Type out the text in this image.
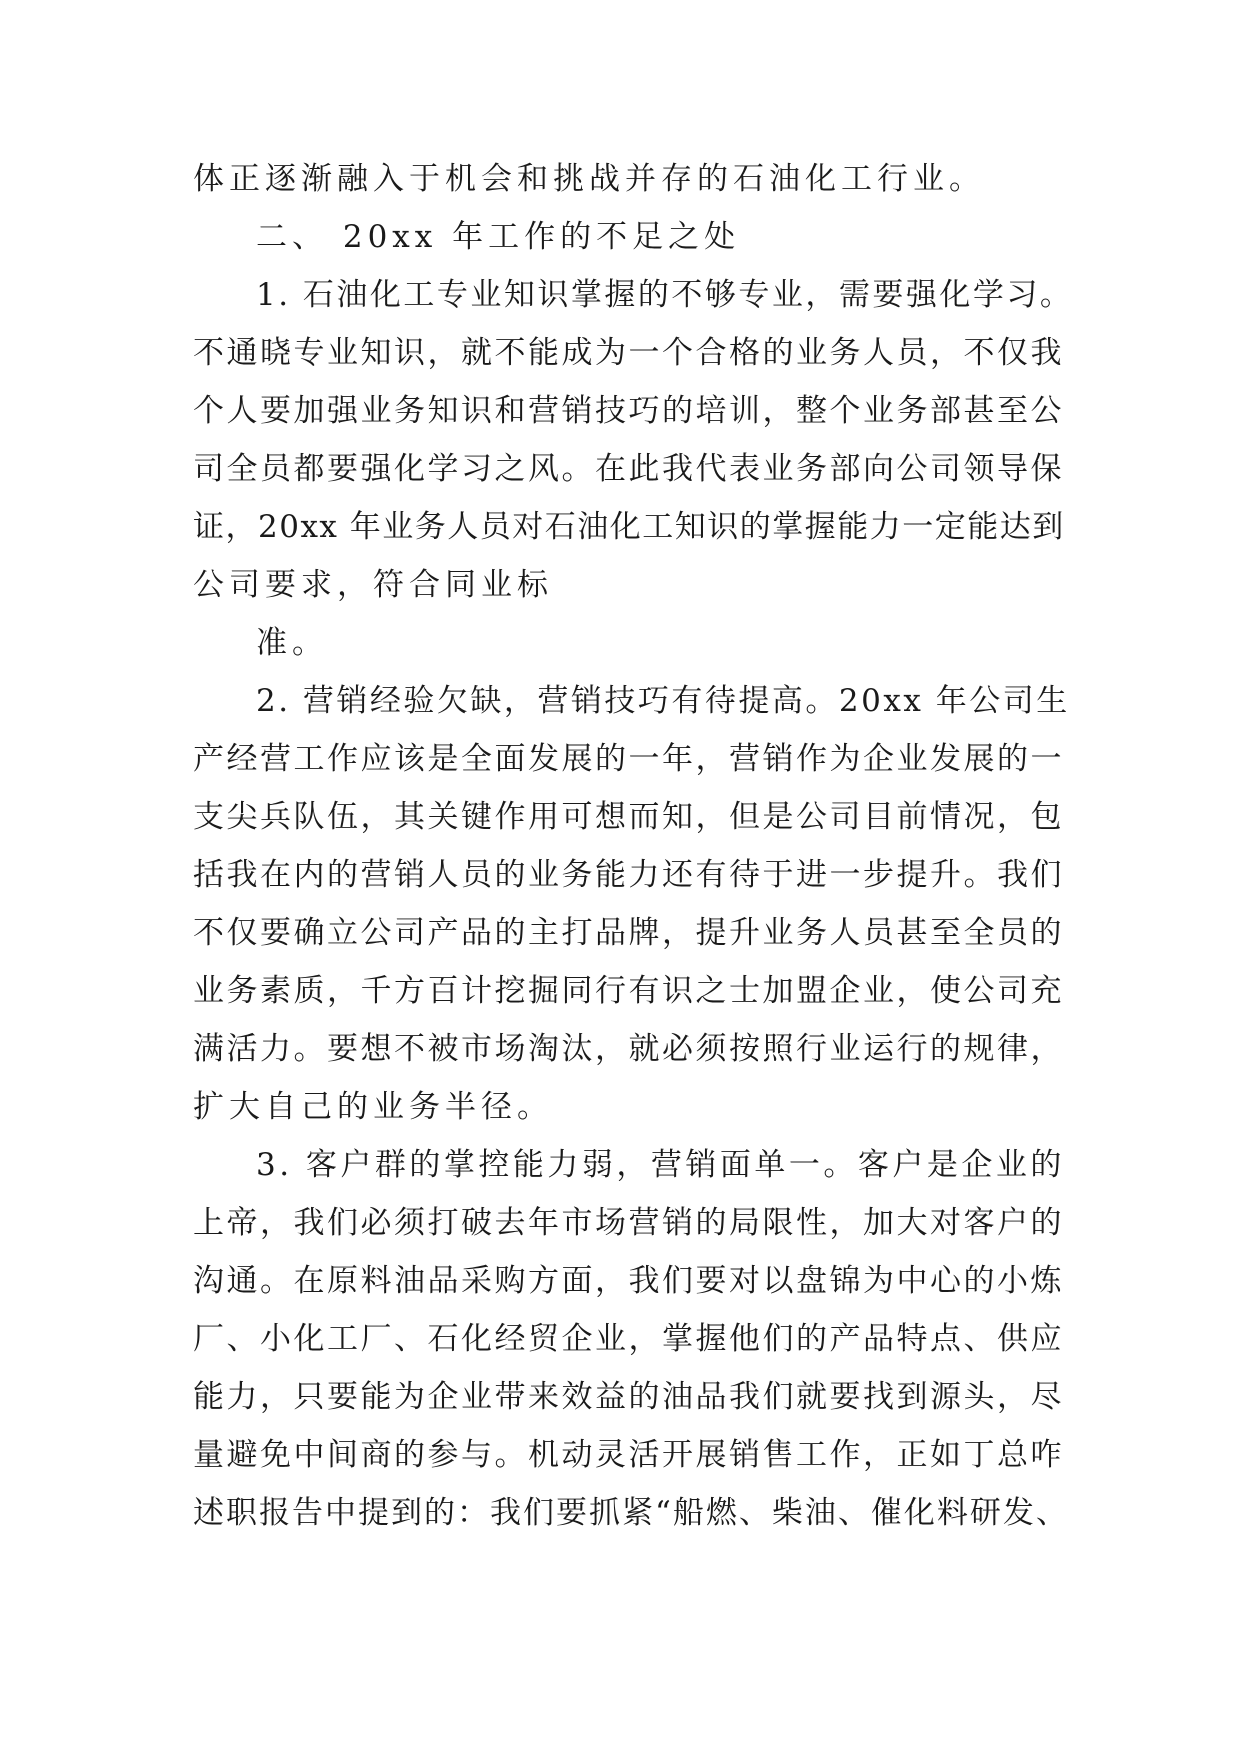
体正逐渐融入于机会和挑战并存的石油化工行业。

二、 20xx 年工作的不足之处

1. 石油化工专业知识掌握的不够专业，需要强化学习。

不通晓专业知识，就不能成为一个合格的业务人员，不仅我

个人要加强业务知识和营销技巧的培训，整个业务部甚至公

司全员都要强化学习之风。在此我代表业务部向公司领导保

证，20xx 年业务人员对石油化工知识的掌握能力一定能达到

公司要求，符合同业标

准。

2. 营销经验欠缺，营销技巧有待提高。20xx 年公司生

产经营工作应该是全面发展的一年，营销作为企业发展的一

支尖兵队伍，其关键作用可想而知，但是公司目前情况，包

括我在内的营销人员的业务能力还有待于进一步提升。我们

不仅要确立公司产品的主打品牌，提升业务人员甚至全员的

业务素质，千方百计挖掘同行有识之士加盟企业，使公司充

满活力。要想不被市场淘汰，就必须按照行业运行的规律，

扩大自己的业务半径。

3. 客户群的掌控能力弱，营销面单一。客户是企业的

上帝，我们必须打破去年市场营销的局限性，加大对客户的

沟通。在原料油品采购方面，我们要对以盘锦为中心的小炼

厂、小化工厂、石化经贸企业，掌握他们的产品特点、供应

能力，只要能为企业带来效益的油品我们就要找到源头，尽

量避免中间商的参与。机动灵活开展销售工作，正如丁总咋

述职报告中提到的：我们要抓紧“船燃、柴油、催化料研发、
